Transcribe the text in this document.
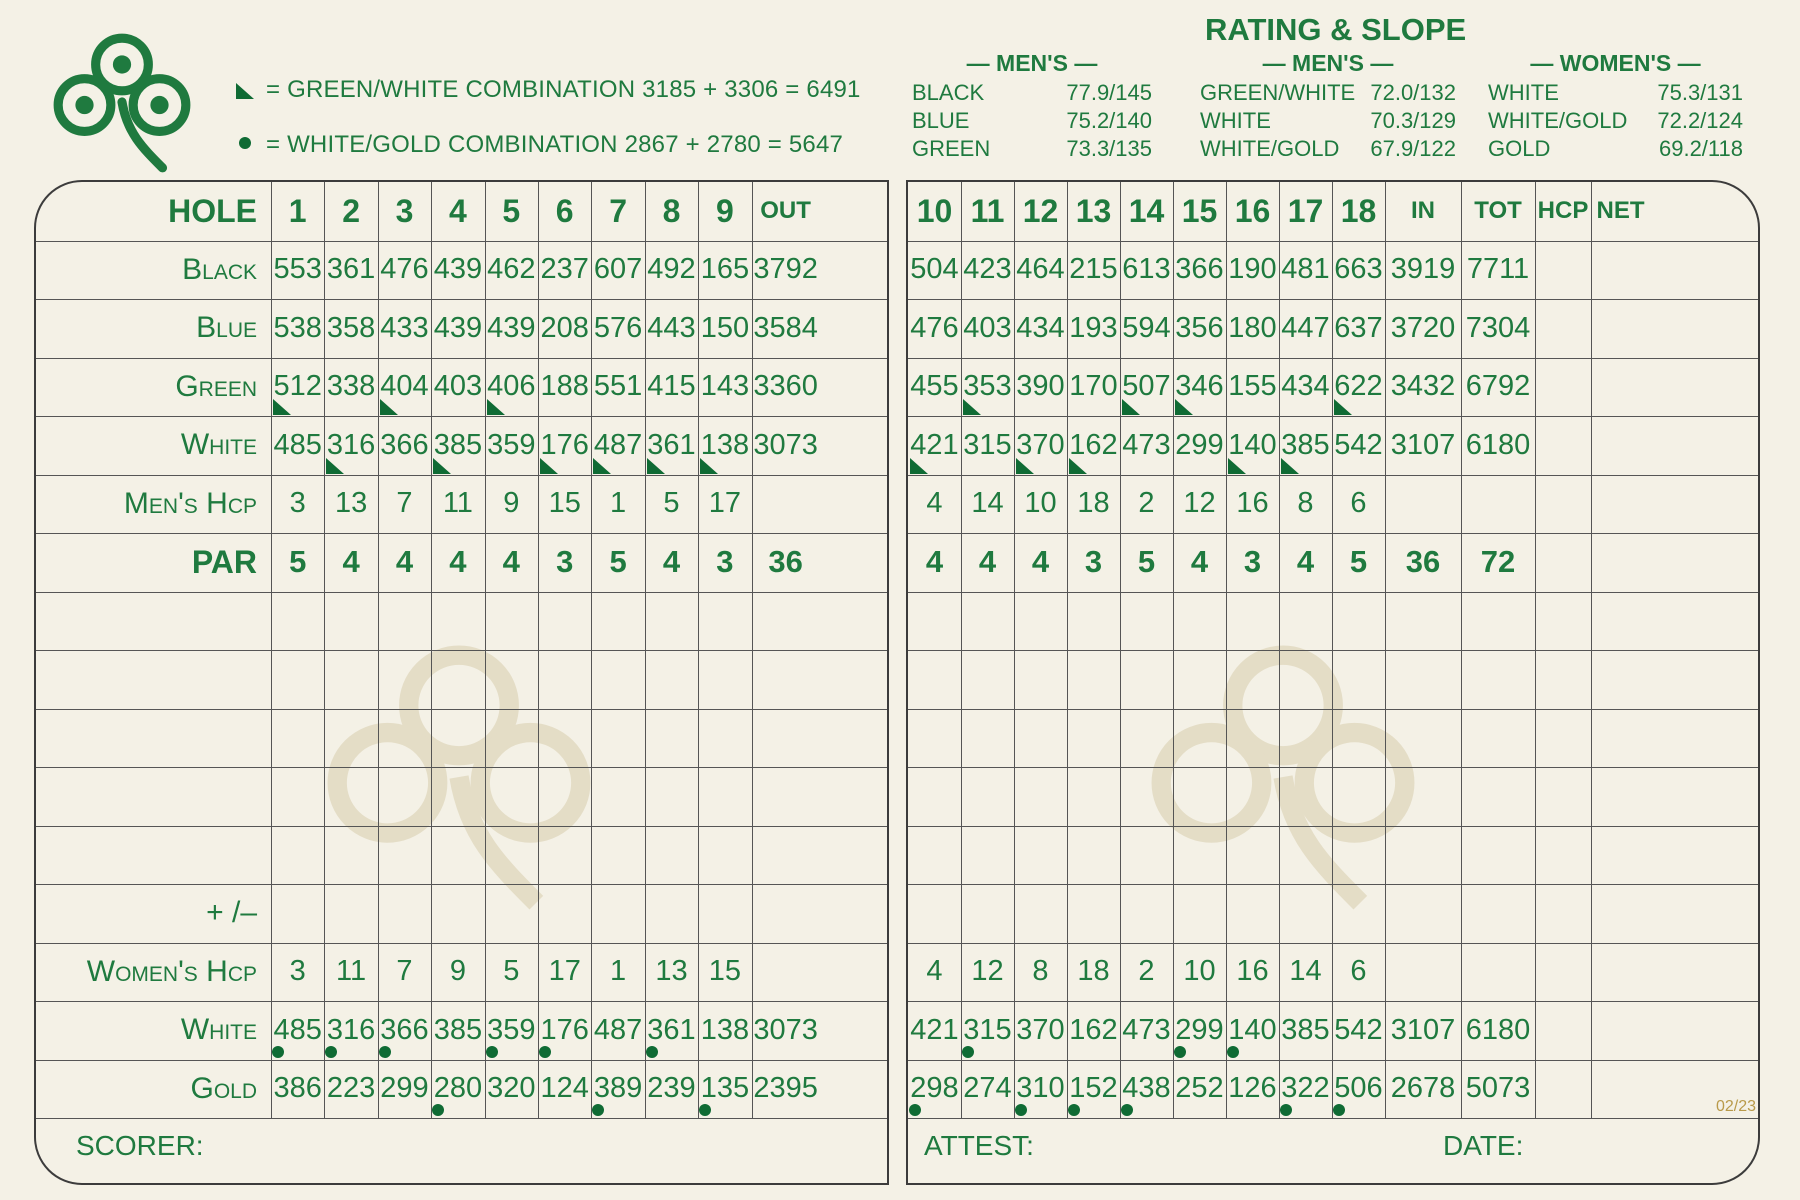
= GREEN/WHITE COMBINATION 3185 + 3306 = 6491
= WHITE/GOLD COMBINATION 2867 + 2780 = 5647
RATING & SLOPE
— MEN'S —
BLACK	77.9/145
BLUE	75.2/140
GREEN	73.3/135
— MEN'S —
GREEN/WHITE 72.0/132
WHITE	70.3/129
WHITE/GOLD 67.9/122
— WOMEN'S —
WHITE	75.3/131
WHITE/GOLD 72.2/124
GOLD	69.2/118
HOLE 1	2	3	4	5	6	7	8	9	OUT
Black 553 361 476 439 462 237 607 492 165 3792
Blue 538 358 433 439 439 208 576 443 150 3584
Green 512 338 404 403 406 188 551 415 143 3360
White 485 316 366 385 359 176 487 361 138 3073
Men's Hcp	3	13	7	11	9	15	1	5	17
PAR	5	4	4	4	4	3	5	4	3	36
+ /–
Women's Hcp	3	11	7	9	5	17	1	13 15
White 485 316 366 385 359 176 487 361 138 3073
Gold 386 223 299 280 320 124 389 239 135 2395
SCORER:
10 11 12 13 14 15 16 17 18	IN	TOT HCP NET
504 423 464 215 613 366 190 481 663 3919 7711
476 403 434 193 594 356 180 447 637 3720 7304
455 353 390 170 507 346 155 434 622 3432 6792
421 315 370 162 473 299 140 385 542 3107 6180
4 14 10 18 2 12 16 8	6
4	4	4	3	5	4	3	4	5	36	72
4 12 8 18 2 10 16 14 6
421 315 370 162 473 299 140 385 542 3107 6180
298 274 310 152 438 252 126 322 506 2678 5073
ATTEST:	DATE:
02/23
